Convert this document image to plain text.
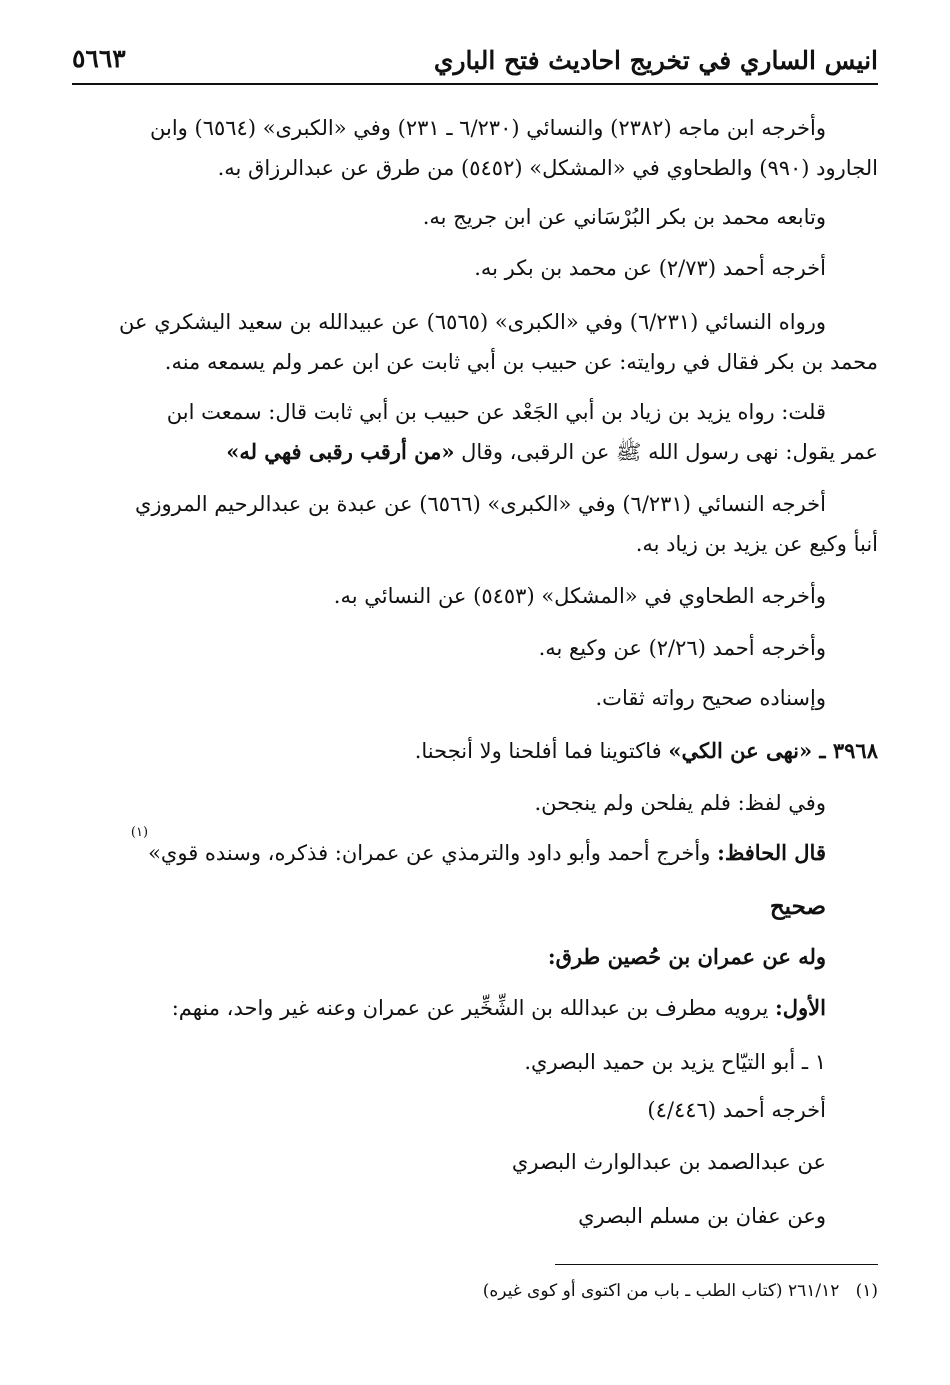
انيس الساري في تخريج احاديث فتح الباري
٥٦٦٣
وأخرجه ابن ماجه (٢٣٨٢) والنسائي (٦/٢٣٠ ـ ٢٣١) وفي «الكبرى» (٦٥٦٤) وابن
الجارود (٩٩٠) والطحاوي في «المشكل» (٥٤٥٢) من طرق عن عبدالرزاق به.
وتابعه محمد بن بكر البُرْسَاني عن ابن جريج به.
أخرجه أحمد (٢/٧٣) عن محمد بن بكر به.
ورواه النسائي (٦/٢٣١) وفي «الكبرى» (٦٥٦٥) عن عبيدالله بن سعيد اليشكري عن
محمد بن بكر فقال في روايته: عن حبيب بن أبي ثابت عن ابن عمر ولم يسمعه منه.
قلت: رواه يزيد بن زياد بن أبي الجَعْد عن حبيب بن أبي ثابت قال: سمعت ابن
عمر يقول: نهى رسول الله ﷺ عن الرقبى، وقال «من أرقب رقبى فهي له»
أخرجه النسائي (٦/٢٣١) وفي «الكبرى» (٦٥٦٦) عن عبدة بن عبدالرحيم المروزي
أنبأ وكيع عن يزيد بن زياد به.
وأخرجه الطحاوي في «المشكل» (٥٤٥٣) عن النسائي به.
وأخرجه أحمد (٢/٢٦) عن وكيع به.
وإسناده صحيح رواته ثقات.
٣٩٦٨ ـ «نهى عن الكي» فاكتوينا فما أفلحنا ولا أنجحنا.
وفي لفظ: فلم يفلحن ولم ينجحن.
قال الحافظ: وأخرج أحمد وأبو داود والترمذي عن عمران: فذكره، وسنده قوي»$^{(١)}$
صحيح
وله عن عمران بن حُصين طرق:
الأول: يرويه مطرف بن عبدالله بن الشِّخِّير عن عمران وعنه غير واحد، منهم:
١ ـ أبو التيّاح يزيد بن حميد البصري.
أخرجه أحمد (٤/٤٤٦)
عن عبدالصمد بن عبدالوارث البصري
وعن عفان بن مسلم البصري
(١)   ٢٦١/١٢ (كتاب الطب ـ باب من اكتوى أو كوى غيره)
